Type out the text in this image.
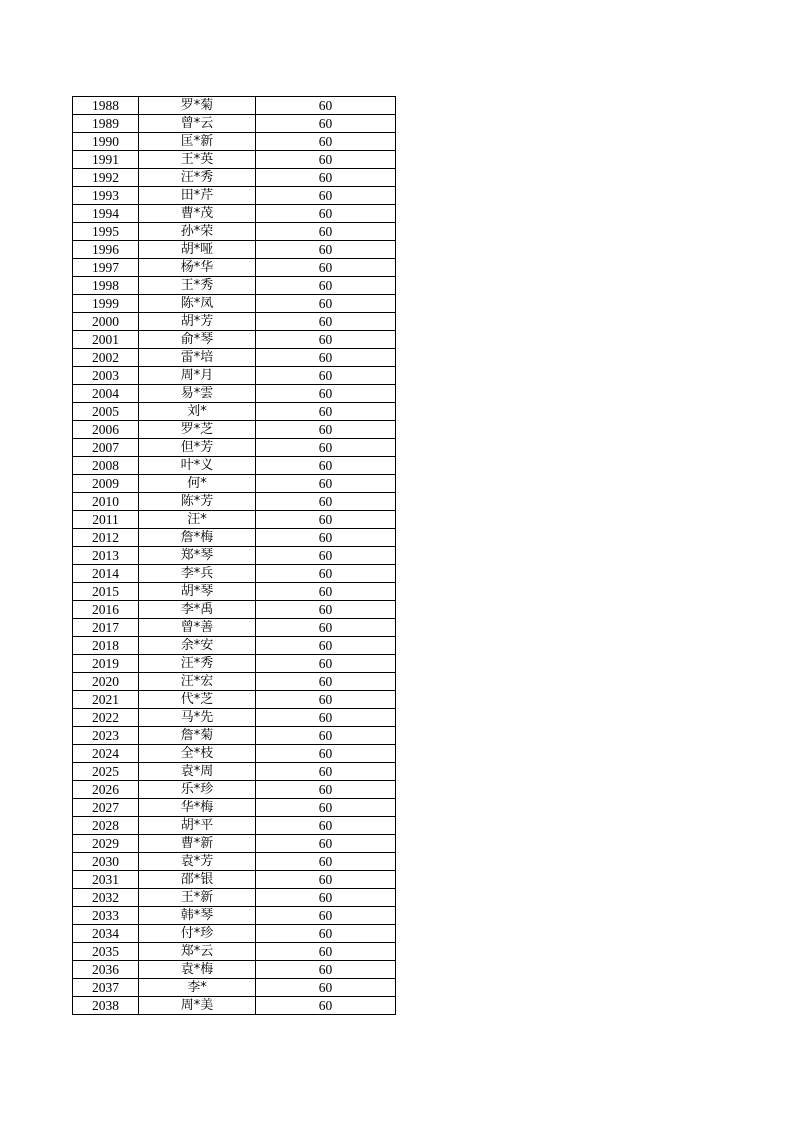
1988	罗*菊	60
1989	曾*云	60
1990	匡*新	60
1991	王*英	60
1992	汪*秀	60
1993	田*芹	60
1994	曹*茂	60
1995	孙*荣	60
1996	胡*哑	60
1997	杨*华	60
1998	王*秀	60
1999	陈*凤	60
2000	胡*芳	60
2001	俞*琴	60
2002	雷*培	60
2003	周*月	60
2004	易*雲	60
2005	刘*	60
2006	罗*芝	60
2007	但*芳	60
2008	叶*义	60
2009	何*	60
2010	陈*芳	60
2011	汪*	60
2012	詹*梅	60
2013	郑*琴	60
2014	李*兵	60
2015	胡*琴	60
2016	李*禹	60
2017	曾*善	60
2018	余*安	60
2019	汪*秀	60
2020	汪*宏	60
2021	代*芝	60
2022	马*先	60
2023	詹*菊	60
2024	全*枝	60
2025	袁*周	60
2026	乐*珍	60
2027	华*梅	60
2028	胡*平	60
2029	曹*新	60
2030	袁*芳	60
2031	邵*银	60
2032	王*新	60
2033	韩*琴	60
2034	付*珍	60
2035	郑*云	60
2036	袁*梅	60
2037	李*	60
2038	周*美	60
